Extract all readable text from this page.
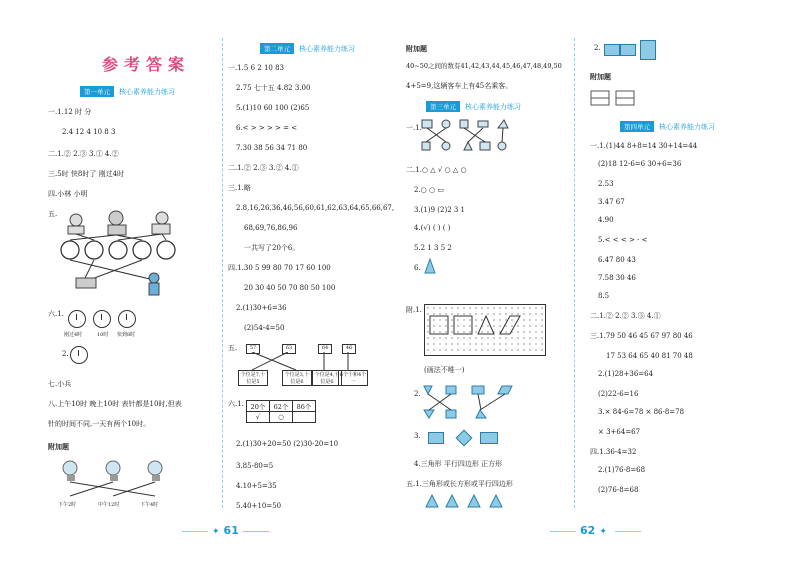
参考答案
第一单元	核心素养能力练习
一.1.12 时 分
2.4 12 4 10 8 3
二.1.② 2.③ 3.① 4.②
三.5时 快8时了 刚过4时
四.小林 小明
五.
六.1.
刚过4时	10时 快到8时
2.
七.小兵
八.上午10时 晚上10时 表针都是10时,但表
针的时间不同,一天有两个10时。
附加题
下午2时	中午12时	下午4时
✦ 61
第二单元	核心素养能力练习
一.1.5 6 2 10 83
2.75 七十五 4.82 3.00
5.(1)10 60 100 (2)65
6.< > > > > = <
7.30 38 56 34 71 80
二.1.② 2.③ 3.② 4.①
三.1.略
2.8,16,26,36,46,56,60,61,62,63,64,65,66,67,
68,69,76,86,96
一共写了20个6。
四.1.30 5 99 80 70 17 60 100
20 30 40 50 70 80 50 100
2.(1)30+6=36
(2)54-4=50
五.	57	63	64	46
个位是7,十位是5
个位是3,十位是6
个位是4,十位是6
6个十和4个一
六.1. 20个	62个	86个
√	○	
2.(1)30+20=50 (2)30-20=10
3.85-80=5
4.10+5=35
5.40+10=50
附加题
40~50之间的数有41,42,43,44,45,46,47,48,49,50
4+5=9,这辆客车上有45名乘客。
第三单元	核心素养能力练习
一.1.
二.1.○ △ √ ○ △ ○
2.○ ○ ▭
3.(1)9 (2)2 3 1
4.(√) ( ) ( )
5.2 1 3 5 2
6.
附.1.
(画法不唯一)
2.
3.
4.三角形 平行四边形 正方形
五.1.三角形或长方形或平行四边形
2.
附加题
第四单元	核心素养能力练习
一.1.(1)44 8+8=14 30+14=44
(2)18 12-6=6 30+6=36
2.53
3.47 67
4.90
5.< < < > - <
6.47 80 43
7.58 30 46
8.5
二.1.② 2.② 3.③ 4.①
三.1.79 50 46 45 67 97 80 46
17 53 64 65 40 81 70 48
2.(1)28+36=64
(2)22-6=16
3.× 84-6=78 × 86-8=78
× 3+64=67
四.1.36-4=32
2.(1)76-8=68
(2)76-8=68
62 ✦
